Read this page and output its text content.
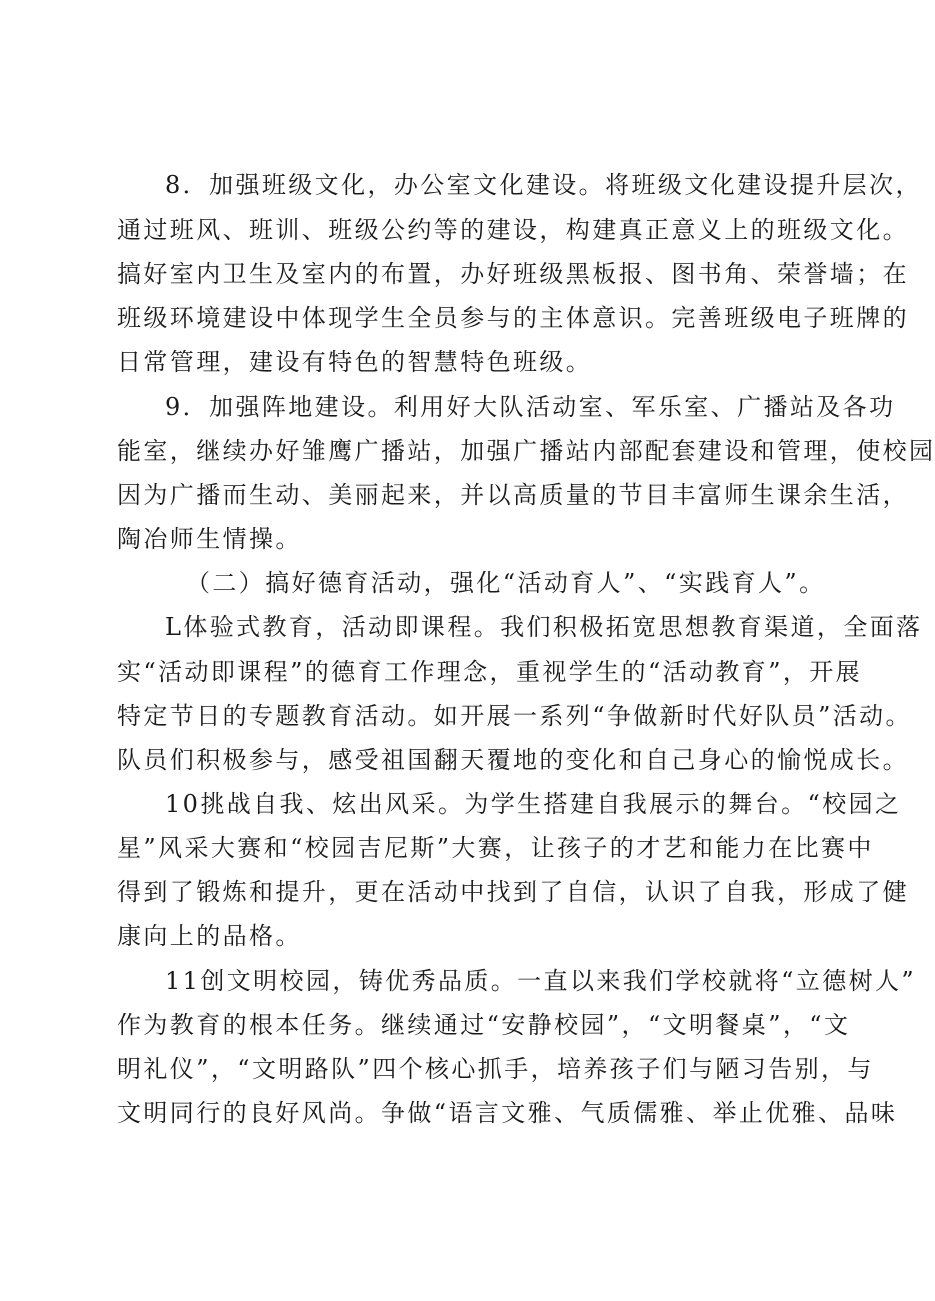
8．加强班级文化，办公室文化建设。将班级文化建设提升层次，
通过班风、班训、班级公约等的建设，构建真正意义上的班级文化。
搞好室内卫生及室内的布置，办好班级黑板报、图书角、荣誉墙；在
班级环境建设中体现学生全员参与的主体意识。完善班级电子班牌的
日常管理，建设有特色的智慧特色班级。
9．加强阵地建设。利用好大队活动室、军乐室、广播站及各功
能室，继续办好雏鹰广播站，加强广播站内部配套建设和管理，使校园
因为广播而生动、美丽起来，并以高质量的节目丰富师生课余生活，
陶冶师生情操。
（二）搞好德育活动，强化“活动育人”、“实践育人”。
L体验式教育，活动即课程。我们积极拓宽思想教育渠道，全面落
实“活动即课程”的德育工作理念，重视学生的“活动教育”，开展
特定节日的专题教育活动。如开展一系列“争做新时代好队员”活动。
队员们积极参与，感受祖国翻天覆地的变化和自己身心的愉悦成长。
10挑战自我、炫出风采。为学生搭建自我展示的舞台。“校园之
星”风采大赛和“校园吉尼斯”大赛，让孩子的才艺和能力在比赛中
得到了锻炼和提升，更在活动中找到了自信，认识了自我，形成了健
康向上的品格。
11创文明校园，铸优秀品质。一直以来我们学校就将“立德树人”
作为教育的根本任务。继续通过“安静校园”，“文明餐桌”，“文
明礼仪”，“文明路队”四个核心抓手，培养孩子们与陋习告别，与
文明同行的良好风尚。争做“语言文雅、气质儒雅、举止优雅、品味
